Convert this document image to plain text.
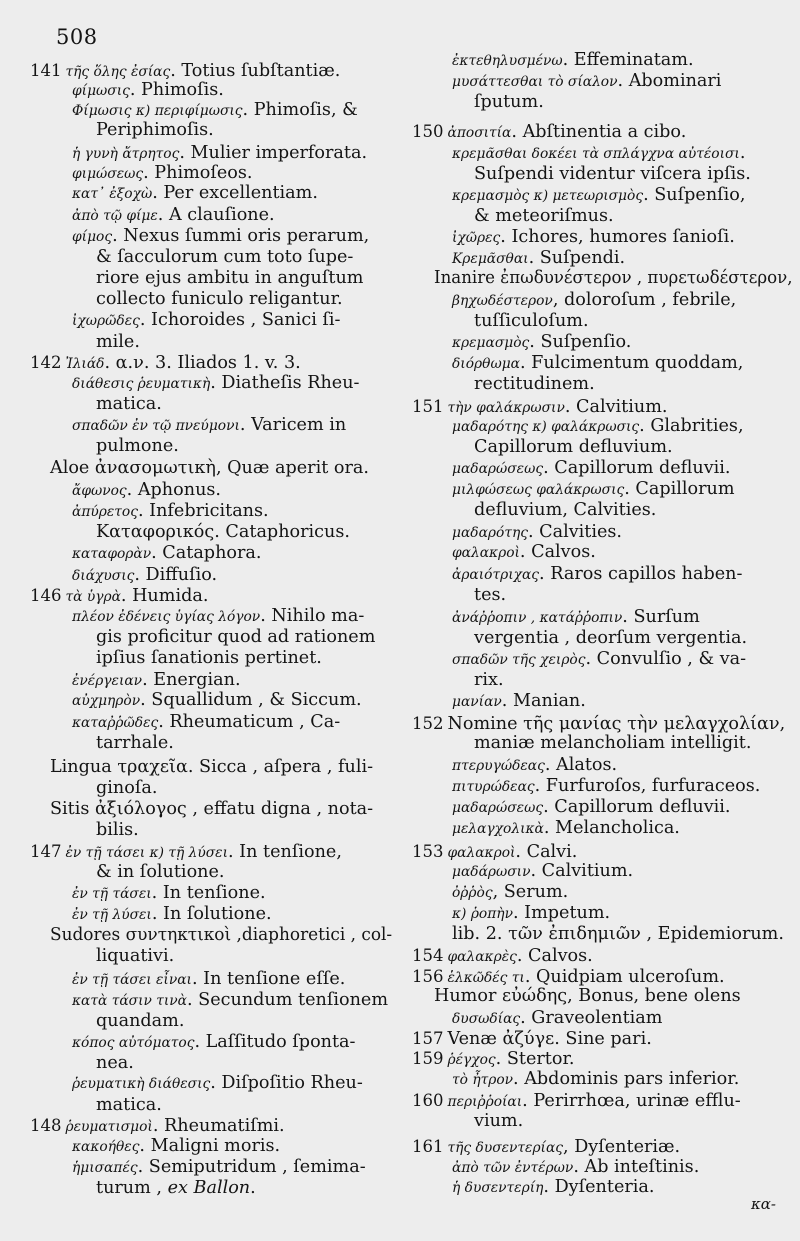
508
141 τῆς ὅλης ἐσίας. Totius ſubſtantiæ.
φίμωσις. Phimoſis.
Φίμωσις κ) περιφίμωσις. Phimoſis, &
Periphimoſis.
ἡ γυνὴ ἄτρητος. Mulier imperforata.
φιμώσεως. Phimoſeos.
κατ᾽ ἐξοχὼ. Per excellentiam.
ἀπὸ τῷ φίμε. A clauſione.
φίμος. Nexus ſummi oris perarum,
& ſacculorum cum toto ſupe-
riore ejus ambitu in anguſtum
collecto funiculo religantur.
ἰχωρῶδες. Ichoroides , Sanici ſi-
mile.
142 Ἰλιάδ. α.ν. 3. Iliados 1. v. 3.
διάθεσις ῥευματικὴ. Diatheſis Rheu-
matica.
σπαδῶν ἐν τῷ πνεύμονι. Varicem in
pulmone.
Aloe ἀνασομωτικὴ, Quæ aperit ora.
ἄφωνος. Aphonus.
ἀπύρετος. Infebricitans.
Καταφορικός. Cataphoricus.
καταφορὰν. Cataphora.
διάχυσις. Diffuſio.
146 τὰ ὑγρὰ. Humida.
πλέον ἐδένεις ὑγίας λόγον. Nihilo ma-
gis proficitur quod ad rationem
ipſius ſanationis pertinet.
ἐνέργειαν. Energian.
αὐχμηρὸν. Squallidum , & Siccum.
καταῤῥῶδες. Rheumaticum , Ca-
tarrhale.
Lingua τραχεῖα. Sicca , aſpera , fuli-
ginoſa.
Sitis ἀξιόλογος , effatu digna , nota-
bilis.
147 ἐν τῇ τάσει κ) τῇ λύσει. In tenſione,
& in ſolutione.
ἐν τῇ τάσει. In tenſione.
ἐν τῇ λύσει. In ſolutione.
Sudores συντηκτικοὶ ,diaphoretici , col-
liquativi.
ἐν τῇ τάσει εἶναι. In tenſione eſſe.
κατὰ τάσιν τινὰ. Secundum tenſionem
quandam.
κόπος αὐτόματος. Laſſitudo ſponta-
nea.
ῥευματικὴ διάθεσις. Diſpoſitio Rheu-
matica.
148 ῥευματισμοὶ. Rheumatiſmi.
κακοήθες. Maligni moris.
ἡμισαπές. Semiputridum , ſemima-
turum , ex Ballon.
ἐκτεθηλυσμένω. Effeminatam.
μυσάττεσθαι τὸ σίαλον. Abominari
ſputum.
150 ἀποσιτία. Abſtinentia a cibo.
κρεμᾶσθαι δοκέει τὰ σπλάγχνα αὐτέοισι.
Suſpendi videntur viſcera ipſis.
κρεμασμὸς κ) μετεωρισμὸς. Suſpenſio,
& meteoriſmus.
ἰχῶρες. Ichores, humores ſanioſi.
Κρεμᾶσθαι. Suſpendi.
Inanire ἐπωδυνέστερον , πυρετωδέστερον,
βηχωδέστερον, doloroſum , febrile,
tuſſiculoſum.
κρεμασμὸς. Suſpenſio.
διόρθωμα. Fulcimentum quoddam,
rectitudinem.
151 τὴν φαλάκρωσιν. Calvitium.
μαδαρότης κ) φαλάκρωσις. Glabrities,
Capillorum defluvium.
μαδαρώσεως. Capillorum defluvii.
μιλφώσεως φαλάκρωσις. Capillorum
defluvium, Calvities.
μαδαρότης. Calvities.
φαλακροὶ. Calvos.
ἀραιότριχας. Raros capillos haben-
tes.
ἀνάῤῥοπιν , κατάῤῥοπιν. Surſum
vergentia , deorſum vergentia.
σπαδῶν τῆς χειρὸς. Convulſio , & va-
rix.
μανίαν. Manian.
152 Nomine τῆς μανίας τὴν μελαγχολίαν,
maniæ melancholiam intelligit.
πτερυγώδεας. Alatos.
πιτυρώδεας. Furfuroſos, furfuraceos.
μαδαρώσεως. Capillorum defluvii.
μελαγχολικὰ. Melancholica.
153 φαλακροὶ. Calvi.
μαδάρωσιν. Calvitium.
ὀῤῥὸς, Serum.
κ) ῥοπὴν. Impetum.
lib. 2. τῶν ἐπιδημιῶν , Epidemiorum.
154 φαλακρὲς. Calvos.
156 ἑλκῶδές τι. Quidpiam ulceroſum.
Humor εὐώδης, Bonus, bene olens
δυσωδίας. Graveolentiam
157 Venæ ἀζύγε. Sine pari.
159 ῥέγχος. Stertor.
τὸ ἦτρον. Abdominis pars inferior.
160 περιῤῥοίαι. Perirrhœa, urinæ efflu-
vium.
161 τῆς δυσεντερίας, Dyſenteriæ.
ἀπὸ τῶν ἐντέρων. Ab inteſtinis.
ἡ δυσεντερίη. Dyſenteria.
κα-
